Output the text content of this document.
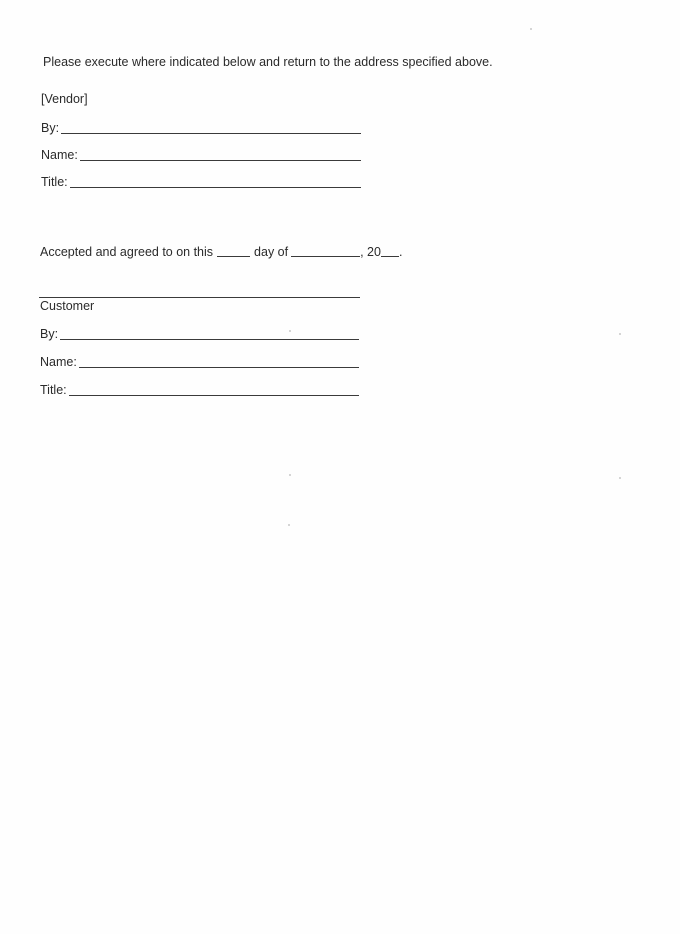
Please execute where indicated below and return to the address specified above.
[Vendor]
By:
Name:
Title:
Accepted and agreed to on this	day of	, 20 .
Customer
By:
Name:
Title:
